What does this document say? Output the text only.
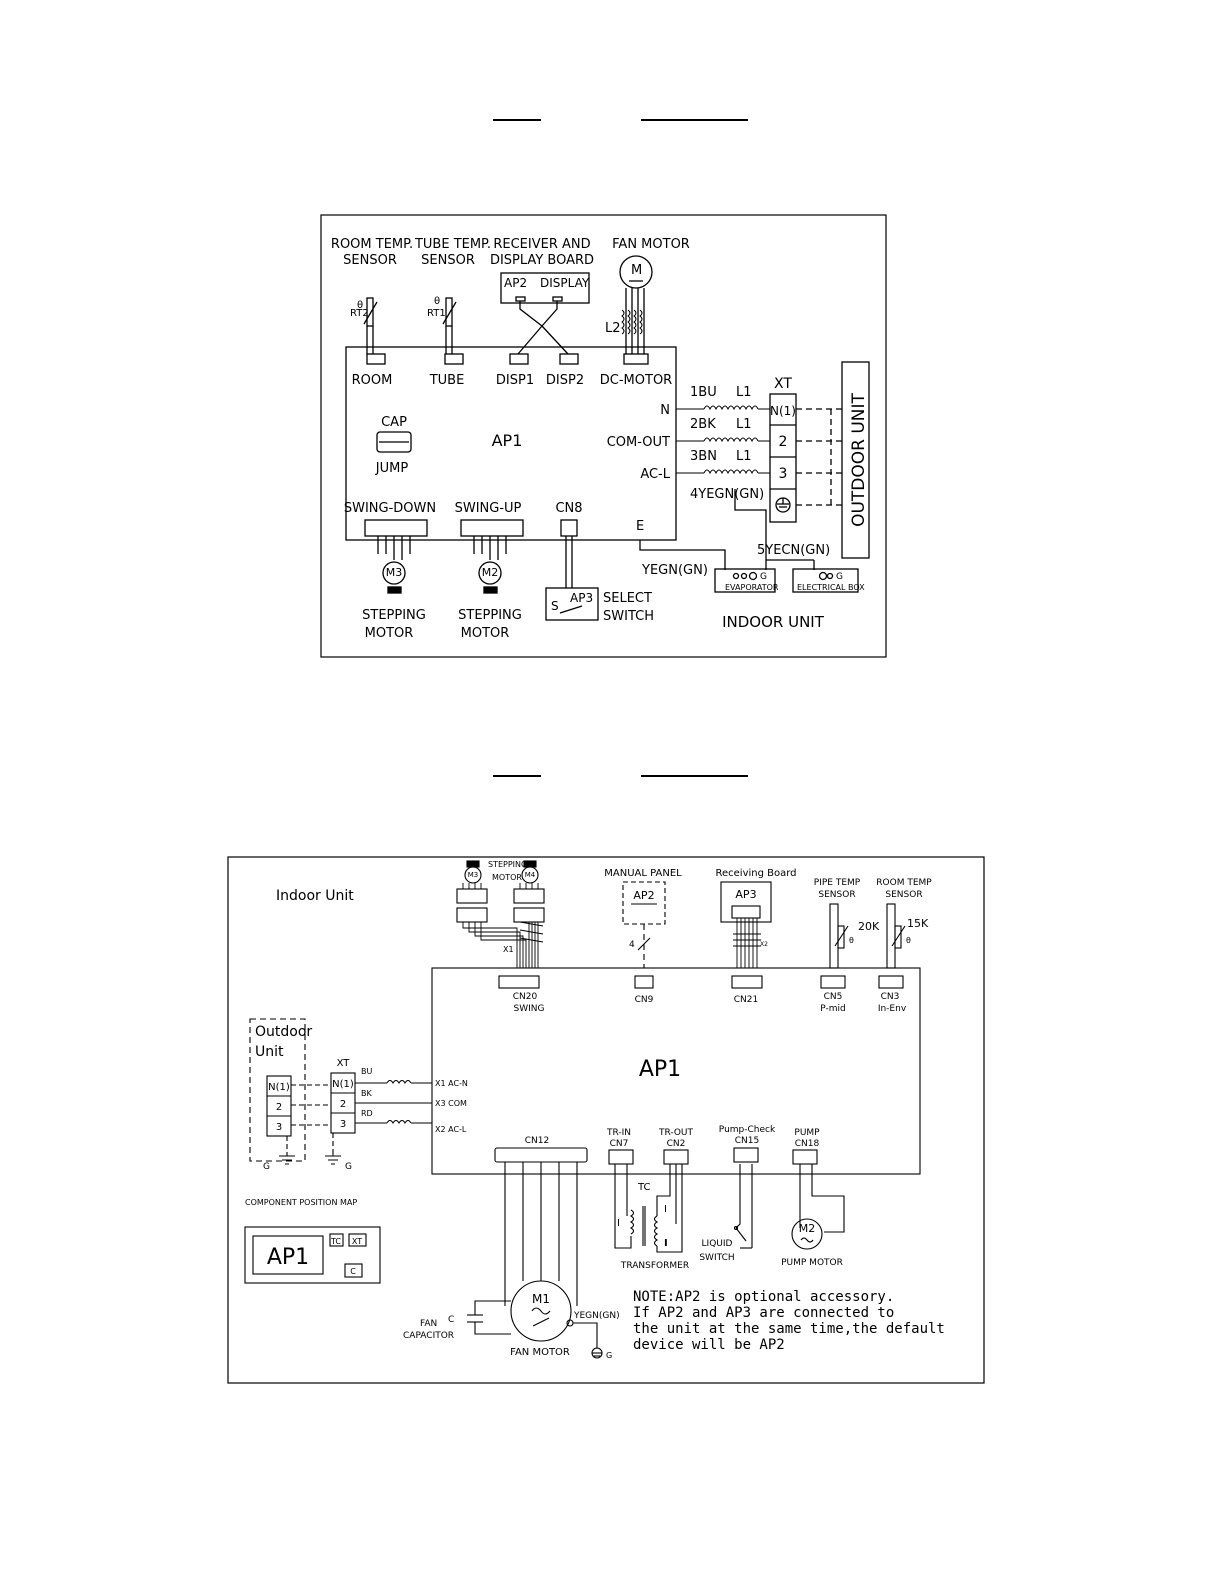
ROOM TEMP.
SENSOR
TUBE TEMP.
SENSOR
RECEIVER AND
DISPLAY BOARD
FAN MOTOR
θ
RT2
θ
RT1
AP2 DISPLAY
M
L2
ROOM	TUBE DISP1 DISP2 DC-MOTOR
CAP
JUMP
AP1
N
COM-OUT
AC-L
E
1BU L1
2BK L1
3BN L1
4YEGN(GN)
XT
N(1)
2
3	OUTDOOR UNIT
SWING-DOWN SWING-UP	CN8
M3	M2
STEPPING
MOTOR
STEPPING
MOTOR
S
AP3 SELECT
SWITCH
YEGN(GN)
5YECN(GN)
EVAPORATOR ELECTRICAL BOX
G	G
INDOOR UNIT
Indoor Unit
M3	M4
STEPPING
MOTOR
X1
MANUAL PANEL
AP2
4
Receiving Board
AP3
X2
PIPE TEMP
SENSOR
ROOM TEMP
SENSOR
20K	15K
θ	θ
AP1
CN20
SWING
CN9	CN21	CN5
P-mid
CN3
In-Env
Outdoor
Unit
N(1)
2
3
XT
N(1)
2
3
G	G
BU
BK
RD
X1 AC-N
X3 COM
X2 AC-L
COMPONENT POSITION MAP
AP1
TC XT
C
CN12
TR-IN
CN7
TR-OUT
CN2
Pump-Check
CN15
PUMP
CN18
M1
FAN MOTOR
C
FAN
CAPACITOR
YEGN(GN)
G
TC
I
I
I
TRANSFORMER
LIQUID
SWITCH
M2
PUMP MOTOR
NOTE:AP2 is optional accessory.
If AP2 and AP3 are connected to
the unit at the same time,the default
device will be AP2
